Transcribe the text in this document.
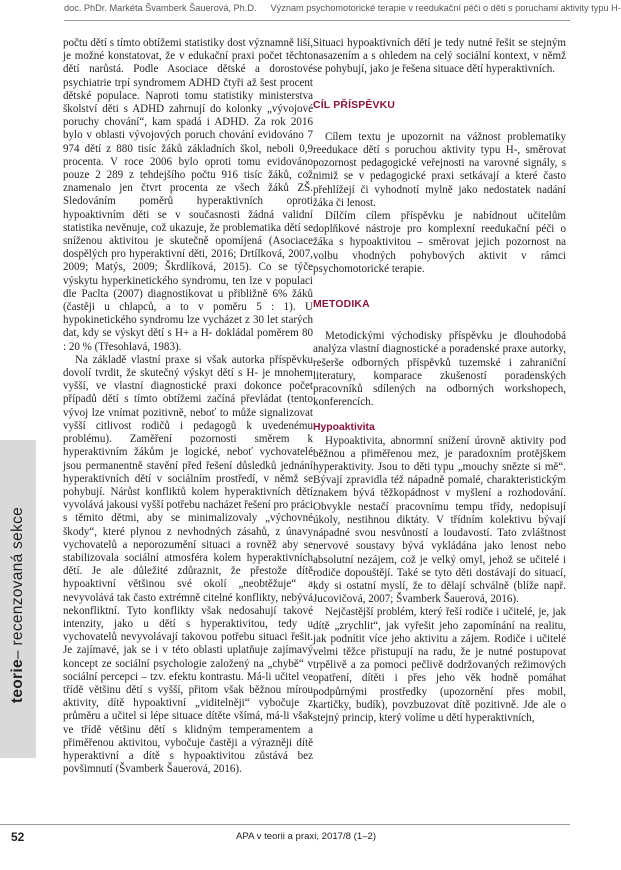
doc. PhDr. Markéta Švamberk Šauerová, Ph.D. Význam psychomotorické terapie v reedukační péči o děti s poruchami aktivity typu H-
teorie– recenzovaná sekce

počtu dětí s tímto obtížemi statistiky dost významně liší, je možné konstatovat, že v edukační praxi počet těchto dětí narůstá. Podle Asociace dětské a dorostové psychiatrie trpí syndromem ADHD čtyři až šest procent dětské populace. Naproti tomu statistiky ministerstva školství děti s ADHD zahrnují do kolonky „vývojové poruchy chování“, kam spadá i ADHD. Za rok 2016 bylo v oblasti vývojových poruch chování evidováno 7 974 dětí z 880 tisíc žáků základních škol, neboli 0,9 procenta. V roce 2006 bylo oproti tomu evidováno pouze 2 289 z tehdejšího počtu 916 tisíc žáků, což znamenalo jen čtvrt procenta ze všech žáků ZŠ. Sledováním poměrů hyperaktivních oproti hypoaktivním děti se v současnosti žádná validní statistika nevěnuje, což ukazuje, že problematika dětí se sníženou aktivitou je skutečně opomíjená (Asociace dospělých pro hyperaktivní děti, 2016; Drtílková, 2007, 2009; Matýs, 2009; Škrdlíková, 2015). Co se týče výskytu hyperkinetického syndromu, ten lze v populaci dle Paclta (2007) diagnostikovat u přibližně 6% žáků (častěji u chlapců, a to v poměru 5 : 1). U hypokinetického syndromu lze vycházet z 30 let starých dat, kdy se výskyt dětí s H+ a H- dokládal poměrem 80 : 20 % (Třesohlavá, 1983).

Na základě vlastní praxe si však autorka příspěvku dovolí tvrdit, že skutečný výskyt dětí s H- je mnohem vyšší, ve vlastní diagnostické praxi dokonce počet případů dětí s tímto obtížemi začíná převládat (tento vývoj lze vnímat pozitivně, neboť to může signalizovat vyšší citlivost rodičů i pedagogů k uvedenému problému). Zaměření pozornosti směrem k hyperaktivním žákům je logické, neboť vychovatelé jsou permanentně stavění před řešení důsledků jednání hyperaktivních dětí v sociálním prostředí, v němž se pohybují. Nárůst konfliktů kolem hyperaktivních dětí vyvolává jakousi vyšší potřebu nacházet řešení pro práci s těmito dětmi, aby se minimalizovaly „výchovné škody“, které plynou z nevhodných zásahů, z únavy vychovatelů a neporozumění situaci a rovněž aby se stabilizovala sociální atmosféra kolem hyperaktivních dětí. Je ale důležité zdůraznit, že přestože dítě hypoaktivní většinou své okolí „neobtěžuje“ a nevyvolává tak často extrémně citelné konflikty, nebývá nekonfliktní. Tyto konflikty však nedosahují takové intenzity, jako u dětí s hyperaktivitou, tedy u vychovatelů nevyvolávají takovou potřebu situaci řešit. Je zajímavé, jak se i v této oblasti uplatňuje zajímavý koncept ze sociální psychologie založený na „chybě“ v sociální percepci – tzv. efektu kontrastu. Má-li učitel ve třídě většinu dětí s vyšší, přitom však běžnou mírou aktivity, dítě hypoaktivní „viditelněji“ vybočuje z průměru a učitel si lépe situace dítěte všímá, má-li však ve třídě většinu dětí s klidným temperamentem a přiměřenou aktivitou, vybočuje častěji a výrazněji dítě hyperaktivní a dítě s hypoaktivitou zůstává bez povšimnutí (Švamberk Šauerová, 2016).

Situaci hypoaktivních dětí je tedy nutné řešit se stejným nasazením a s ohledem na celý sociální kontext, v němž se pohybují, jako je řešena situace dětí hyperaktivních.

CÍL PŘÍSPĚVKU

Cílem textu je upozornit na vážnost problematiky reedukace dětí s poruchou aktivity typu H-, směrovat pozornost pedagogické veřejnosti na varovné signály, s nimiž se v pedagogické praxi setkávají a které často přehlížejí či vyhodnotí mylně jako nedostatek nadání žáka či lenost.

Dílčím cílem příspěvku je nabídnout učitelům doplňkové nástroje pro komplexní reedukační péči o žáka s hypoaktivitou – směrovat jejich pozornost na volbu vhodných pohybových aktivit v rámci psychomotorické terapie.

METODIKA

Metodickými východisky příspěvku je dlouhodobá analýza vlastní diagnostické a poradenské praxe autorky, rešerše odborných příspěvků tuzemské i zahraniční literatury, komparace zkušeností poradenských pracovníků sdílených na odborných workshopech, konferencích.

Hypoaktivita

Hypoaktivita, abnormní snížení úrovně aktivity pod běžnou a přiměřenou mez, je paradoxním protějškem hyperaktivity. Jsou to děti typu „mouchy snězte si mě“. Bývají zpravidla též nápadně pomalé, charakteristickým znakem bývá těžkopádnost v myšlení a rozhodování. Obvykle nestačí pracovnímu tempu třídy, nedopisují úkoly, nestihnou diktáty. V třídním kolektivu bývají nápadné svou nesvůností a loudavostí. Tato zvláštnost nervové soustavy bývá vykládána jako lenost nebo absolutní nezájem, což je velký omyl, jehož se učitelé i rodiče dopouštějí. Také se tyto děti dostávají do situací, kdy si ostatní myslí, že to dělají schválně (blíže např. Jucovičová, 2007; Švamberk Šauerová, 2016).

Nejčastější problém, který řeší rodiče i učitelé, je, jak dítě „zrychlit“, jak vyřešit jeho zapomínání na realitu, jak podnítit více jeho aktivitu a zájem. Rodiče i učitelé velmi těžce přistupují na radu, že je nutné postupovat trpělivě a za pomoci pečlivě dodržovaných režimových opatření, dítěti i přes jeho věk hodně pomáhat podpůrnými prostředky (upozornění přes mobil, kartičky, budík), povzbuzovat dítě pozitivně. Jde ale o stejný princip, který volíme u dětí hyperaktivních,

52	APA v teorii a praxi, 2017/8 (1–2)
